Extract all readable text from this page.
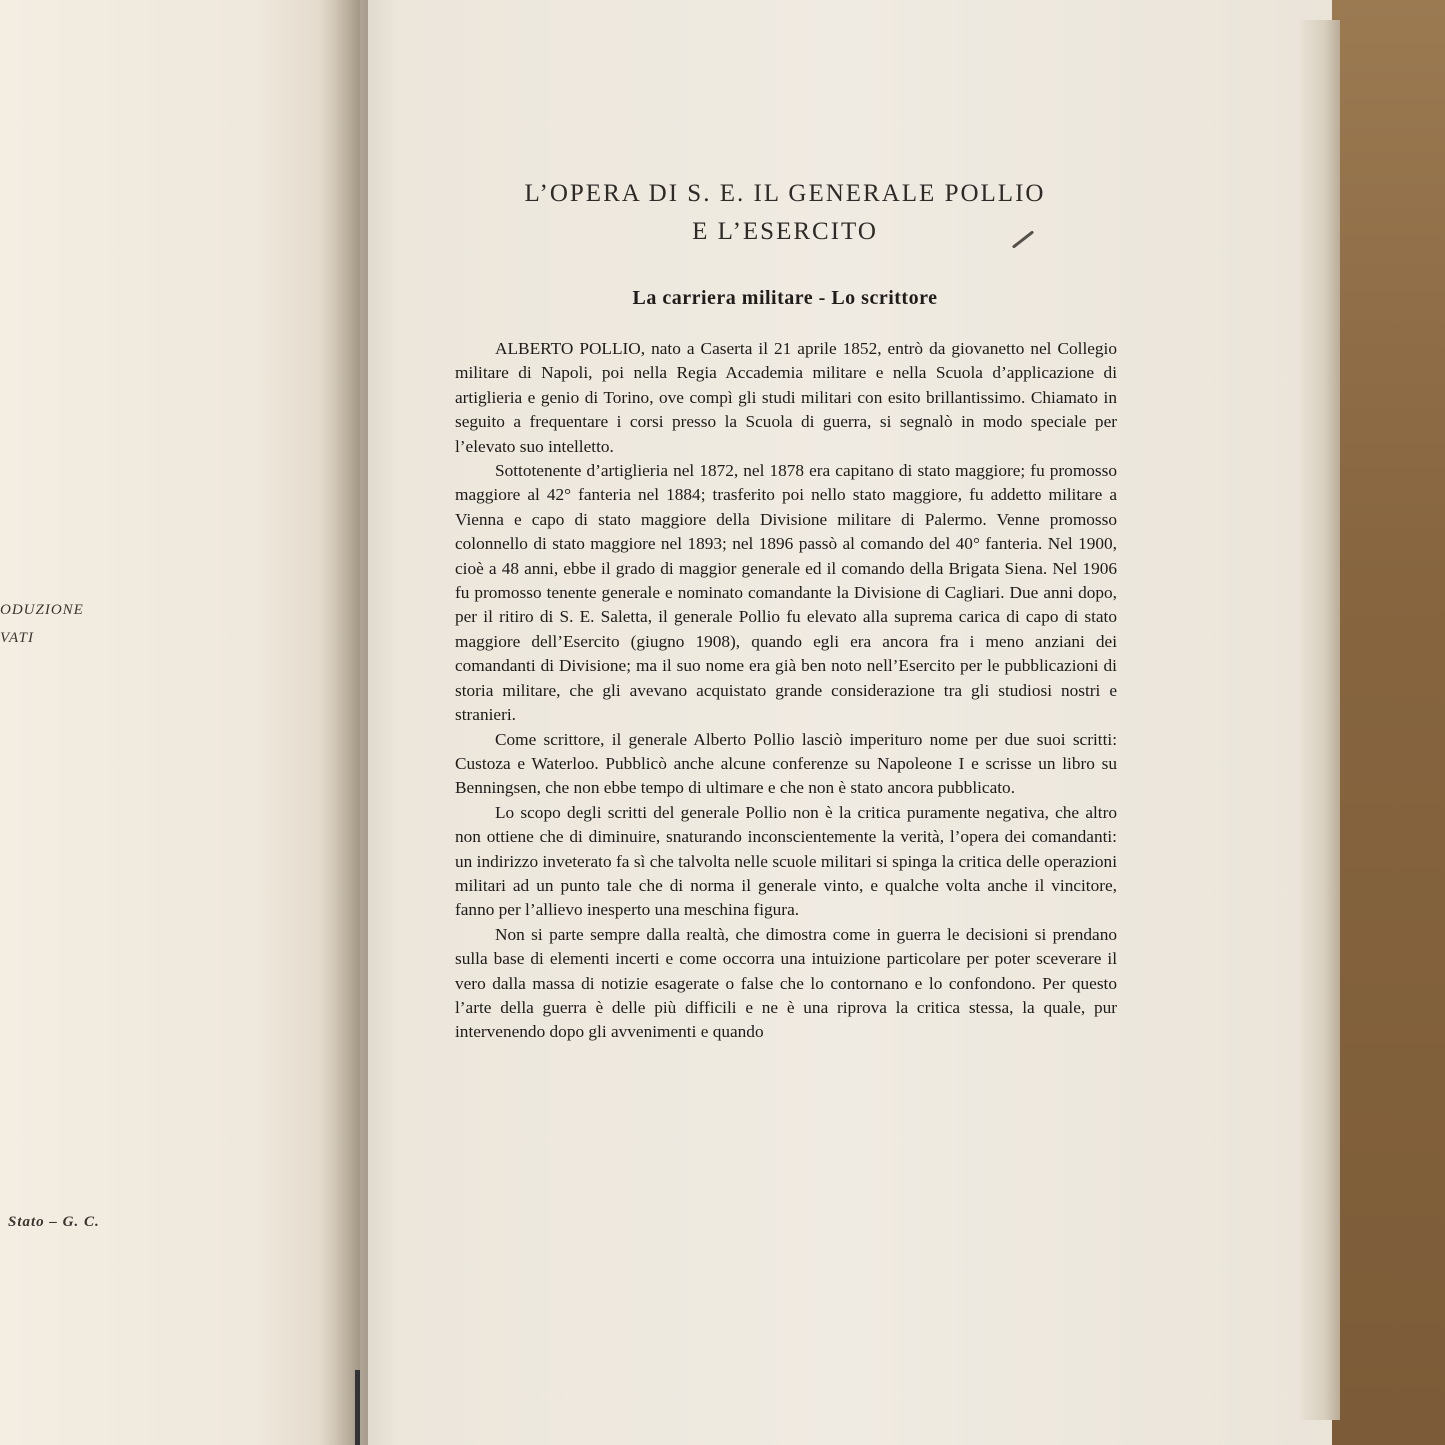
ODUZIONE
VATI
Stato – G. C.
L’OPERA DI S. E. IL GENERALE POLLIO
E L’ESERCITO
La carriera militare - Lo scrittore

ALBERTO POLLIO, nato a Caserta il 21 aprile 1852, entrò da giovanetto nel Collegio militare di Napoli, poi nella Regia Accademia militare e nella Scuola d’applicazione di artiglieria e genio di Torino, ove compì gli studi militari con esito brillantissimo. Chiamato in seguito a frequentare i corsi presso la Scuola di guerra, si segnalò in modo speciale per l’elevato suo intelletto.

Sottotenente d’artiglieria nel 1872, nel 1878 era capitano di stato maggiore; fu promosso maggiore al 42° fanteria nel 1884; trasferito poi nello stato maggiore, fu addetto militare a Vienna e capo di stato maggiore della Divisione militare di Palermo. Venne promosso colonnello di stato maggiore nel 1893; nel 1896 passò al comando del 40° fanteria. Nel 1900, cioè a 48 anni, ebbe il grado di maggior generale ed il comando della Brigata Siena. Nel 1906 fu promosso tenente generale e nominato comandante la Divisione di Cagliari. Due anni dopo, per il ritiro di S. E. Saletta, il generale Pollio fu elevato alla suprema carica di capo di stato maggiore dell’Esercito (giugno 1908), quando egli era ancora fra i meno anziani dei comandanti di Divisione; ma il suo nome era già ben noto nell’Esercito per le pubblicazioni di storia militare, che gli avevano acquistato grande considerazione tra gli studiosi nostri e stranieri.

Come scrittore, il generale Alberto Pollio lasciò imperituro nome per due suoi scritti: Custoza e Waterloo. Pubblicò anche alcune conferenze su Napoleone I e scrisse un libro su Benningsen, che non ebbe tempo di ultimare e che non è stato ancora pubblicato.

Lo scopo degli scritti del generale Pollio non è la critica puramente negativa, che altro non ottiene che di diminuire, snaturando inconscientemente la verità, l’opera dei comandanti: un indirizzo inveterato fa sì che talvolta nelle scuole militari si spinga la critica delle operazioni militari ad un punto tale che di norma il generale vinto, e qualche volta anche il vincitore, fanno per l’allievo inesperto una meschina figura.

Non si parte sempre dalla realtà, che dimostra come in guerra le decisioni si prendano sulla base di elementi incerti e come occorra una intuizione particolare per poter sceverare il vero dalla massa di notizie esagerate o false che lo contornano e lo confondono. Per questo l’arte della guerra è delle più difficili e ne è una riprova la critica stessa, la quale, pur intervenendo dopo gli avvenimenti e quando
